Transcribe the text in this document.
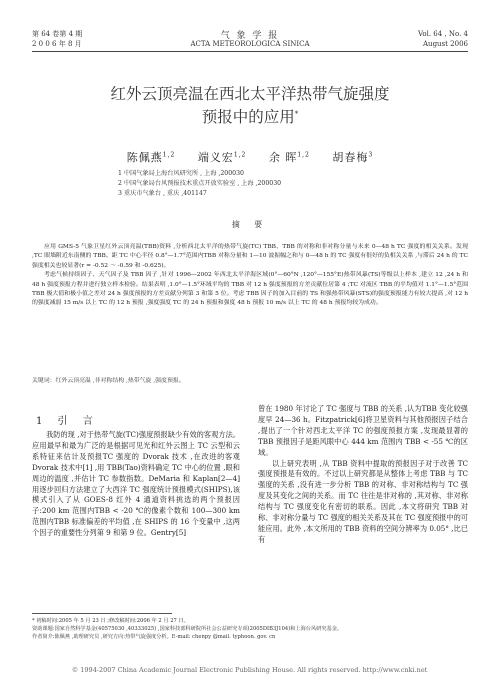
第 64 卷第 4 期
2 0 0 6 年 8 月
气 象 学 报
ACTA METEOROLOGICA SINICA
Vol. 64 , No. 4
August 2006
红外云顶亮温在西北太平洋热带气旋强度
预报中的应用*
陈佩燕$^{1,2}$ 端义宏$^{1,2}$ 余 晖$^{1,2}$ 胡春梅$^3$
1 中国气象局上海台风研究所 , 上海 ,200030
2 中国气象局台风预报技术重点开放实验室 , 上海 ,200030
3 重庆市气象台 , 重庆 ,401147
摘 要

应用 GMS-5 气象卫星红外云顶亮温(TBB)资料 ,分析西北太平洋的热带气旋(TC) TBB、TBB 的对称和非对称分量与未来 0—48 h TC 强度的相关关系。发现 ,TC 眼墙附近东南侧的 TBB、距 TC 中心半径 0.8°—1.7°范围内TBB 对称分量和 1—10 波振幅之和与 0—48 h 的 TC 强度有很好的负相关关系 ,与滞后 24 h 的 TC 强度相关也较显著(r = -0.52 ～ -0.59 和 -0.625)。

考虑气候持续因子、天气因子及 TBB 因子 ,针对 1996—2002 年西北太平洋海区域(0°—60°N ,120°—155°E)热带风暴(TS)等级以上样本 ,建立 12 ,24 h 和 48 h 强度预报方程并进行独立样本检验。结果表明 ,1.0°—1.5°环域平均的 TBB 对 12 h 强度预报的方差贡献位居第 4 ;TC 对流区 TBB 的平均值对 1.1°—1.5°范围 TBB 极大值和极小值之差对 24 h 强度预报的方差贡献分列第 3 和第 5 位。考虑 TBB 因子的加入目前的 TS 和强热带风暴(STS)的强度预报能力有较大提高 ,对 12 h 的强度减弱 15 m/s 以上 TC 的 12 h 预报 ,强度强度 TC 的 24 h 预报和强度 48 h 预报 10 m/s 以上 TC 的 48 h 预报均较为成功。

关键词：红外云顶亮温 ,非对称结构 ,热带气旋 ,强度预报。
1 引 言

我防的现 ,对于热带气旋(TC)强度预报缺少有效的客观方法。应用最早和最为广泛的是根据可见光和红外云图上 TC 云型和云系特征来估计及预报TC 强度的 Dvorak 技术 ,在改进的客观 Dvorak 技术中[1] ,用 TBB(Tao)资料确定 TC 中心的位置 ,眼和周边的温度 ,并估计 TC 参数指数。DeMaria 和 Kaplan[2—4]用逐步回归方法建立了大西洋 TC 强度统计预报模式(SHIPS),该模式引入了从 GOES-8 红外 4 通道资料挑选的两个预报因子:200 km 范围内TBB < -20 ℃的像素个数和 100—300 km 范围内TBB 标准偏差的平均值 ,在 SHIPS 的 16 个变量中 ,这两个因子的重要性分列第 9 和第 9 位。Gentry[5]

曾在 1980 年讨论了 TC 强度与 TBB 的关系 ,认为TBB 变化较强度早 24—36 h。Fitzpatrick[6]将卫星资料与其他预报因子结合 ,提出了一个针对西北太平洋 TC 的强度预报方案 ,发现最显著的 TBB 预报因子是距风眼中心 444 km 范围内 TBB < -55 ℃的区域。

以上研究表明 ,从 TBB 资料中提取的预报因子对于改善 TC 强度预报是有效的。不过以上研究都是从整体上考虑 TBB 与 TC 强度的关系 ,没有进一步分析 TBB 的对称、非对称结构与 TC 强度及其变化之间的关系。而 TC 往往是非对称的 ,其对称、非对称结构与 TC 强度变化有密切的联系。因此 ,本文将研究 TBB 对称、非对称分量与 TC 强度的相关关系及其在 TC 强度预报中的可能应用。此外 ,本文所用的 TBB 资料的空间分辨率为 0.05° ,比已有

* 初稿时间:2005 年 5 月 23 日 ;修改稿时间:2006 年 2 月 27 日。
资助课题:国家自然科学基金(40575030 ,40333025) ,国家科技部科研院所社会公益研究专项(2005DIB3J104)和上海台风研究基金。
作者简介:陈佩燕 ,助理研究员 ,研究方向:热带气旋强度分析。E-mail: chenpy @mail. typhoon. gov. cn
© 1994-2007 China Academic Journal Electronic Publishing House. All rights reserved. http://www.cnki.net
